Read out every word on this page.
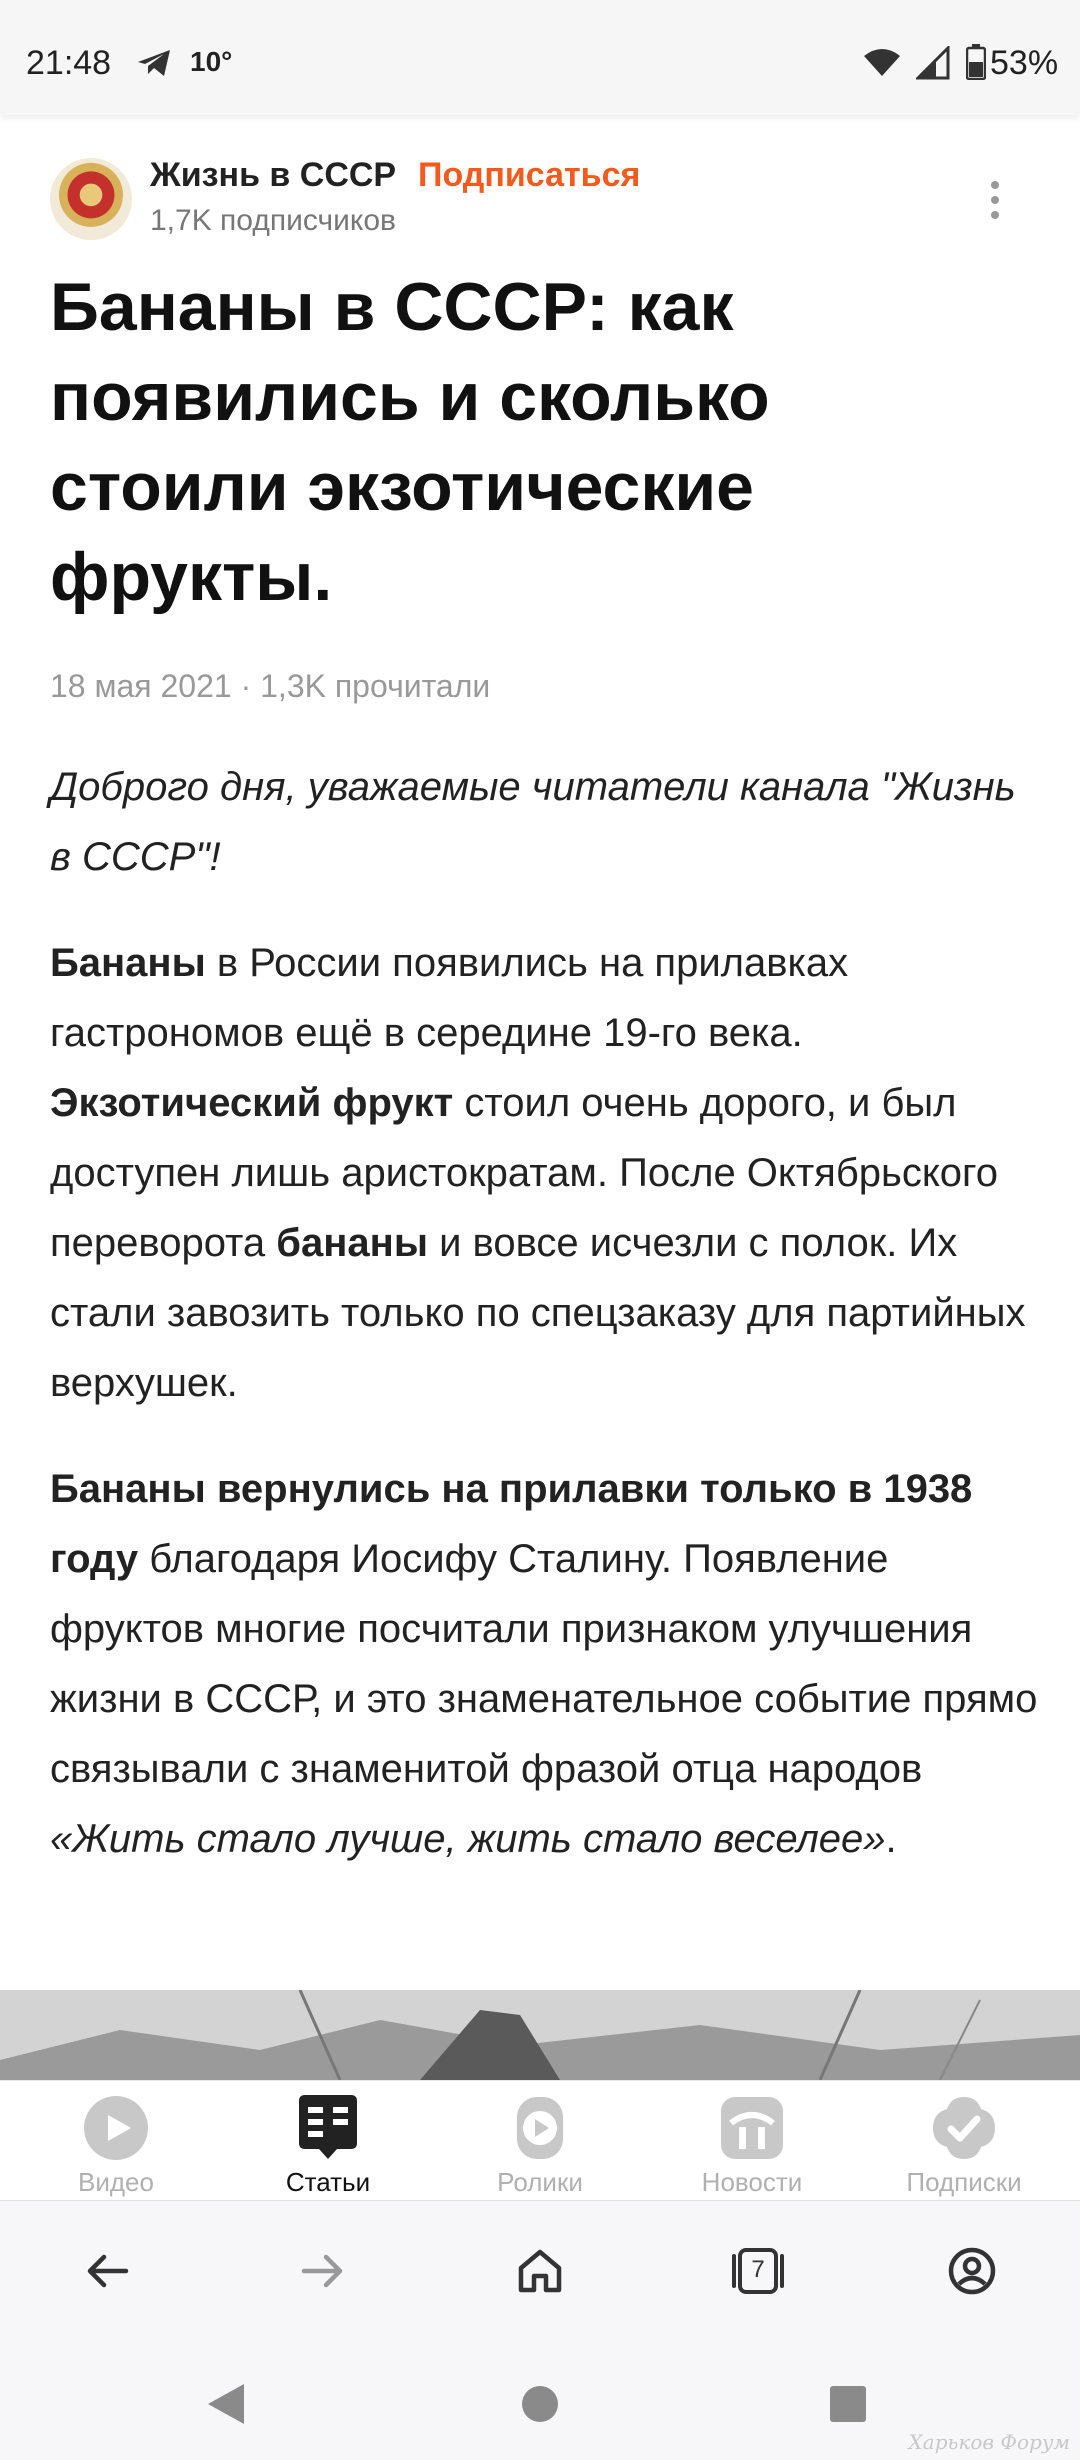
21:48	10°	53%
Жизнь в СССР Подписаться
1,7K подписчиков
Бананы в СССР: как появились и сколько стоили экзотические фрукты.
18 мая 2021 · 1,3K прочитали

Доброго дня, уважаемые читатели канала "Жизнь в СССР"!

Бананы в России появились на прилавках гастрономов ещё в середине 19-го века. Экзотический фрукт стоил очень дорого, и был доступен лишь аристократам. После Октябрьского переворота бананы и вовсе исчезли с полок. Их стали завозить только по спецзаказу для партийных верхушек.

Бананы вернулись на прилавки только в 1938 году благодаря Иосифу Сталину. Появление фруктов многие посчитали признаком улучшения жизни в СССР, и это знаменательное событие прямо связывали с знаменитой фразой отца народов «Жить стало лучше, жить стало веселее».

Видео	Статьи	Ролики	Новости	Подписки
7
Харьков Форум
